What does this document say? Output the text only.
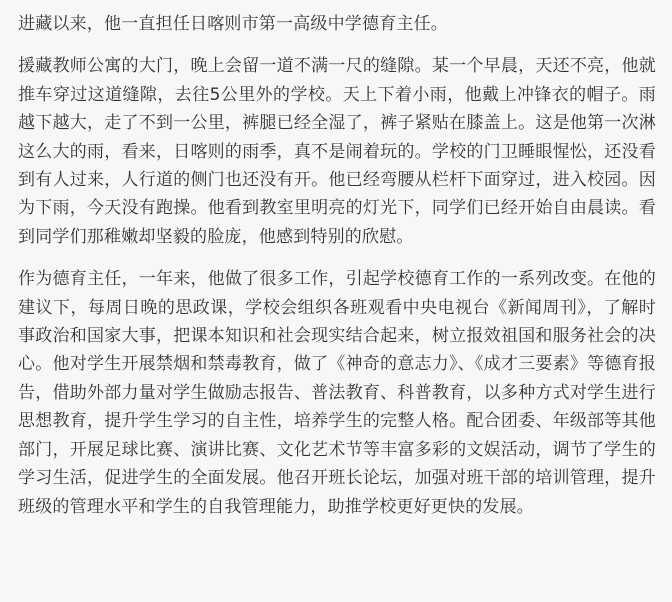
进藏以来，他一直担任日喀则市第一高级中学德育主任。

援藏教师公寓的大门，晚上会留一道不满一尺的缝隙。某一个早晨，天还不亮，他就推车穿过这道缝隙，去往5公里外的学校。天上下着小雨，他戴上冲锋衣的帽子。雨越下越大，走了不到一公里，裤腿已经全湿了，裤子紧贴在膝盖上。这是他第一次淋这么大的雨，看来，日喀则的雨季，真不是闹着玩的。学校的门卫睡眼惺忪，还没看到有人过来，人行道的侧门也还没有开。他已经弯腰从栏杆下面穿过，进入校园。因为下雨，今天没有跑操。他看到教室里明亮的灯光下，同学们已经开始自由晨读。看到同学们那稚嫩却坚毅的脸庞，他感到特别的欣慰。

作为德育主任，一年来，他做了很多工作，引起学校德育工作的一系列改变。在他的建议下，每周日晚的思政课，学校会组织各班观看中央电视台《新闻周刊》，了解时事政治和国家大事，把课本知识和社会现实结合起来，树立报效祖国和服务社会的决心。他对学生开展禁烟和禁毒教育，做了《神奇的意志力》、《成才三要素》等德育报告，借助外部力量对学生做励志报告、普法教育、科普教育，以多种方式对学生进行思想教育，提升学生学习的自主性，培养学生的完整人格。配合团委、年级部等其他部门，开展足球比赛、演讲比赛、文化艺术节等丰富多彩的文娱活动，调节了学生的学习生活，促进学生的全面发展。他召开班长论坛，加强对班干部的培训管理，提升班级的管理水平和学生的自我管理能力，助推学校更好更快的发展。
